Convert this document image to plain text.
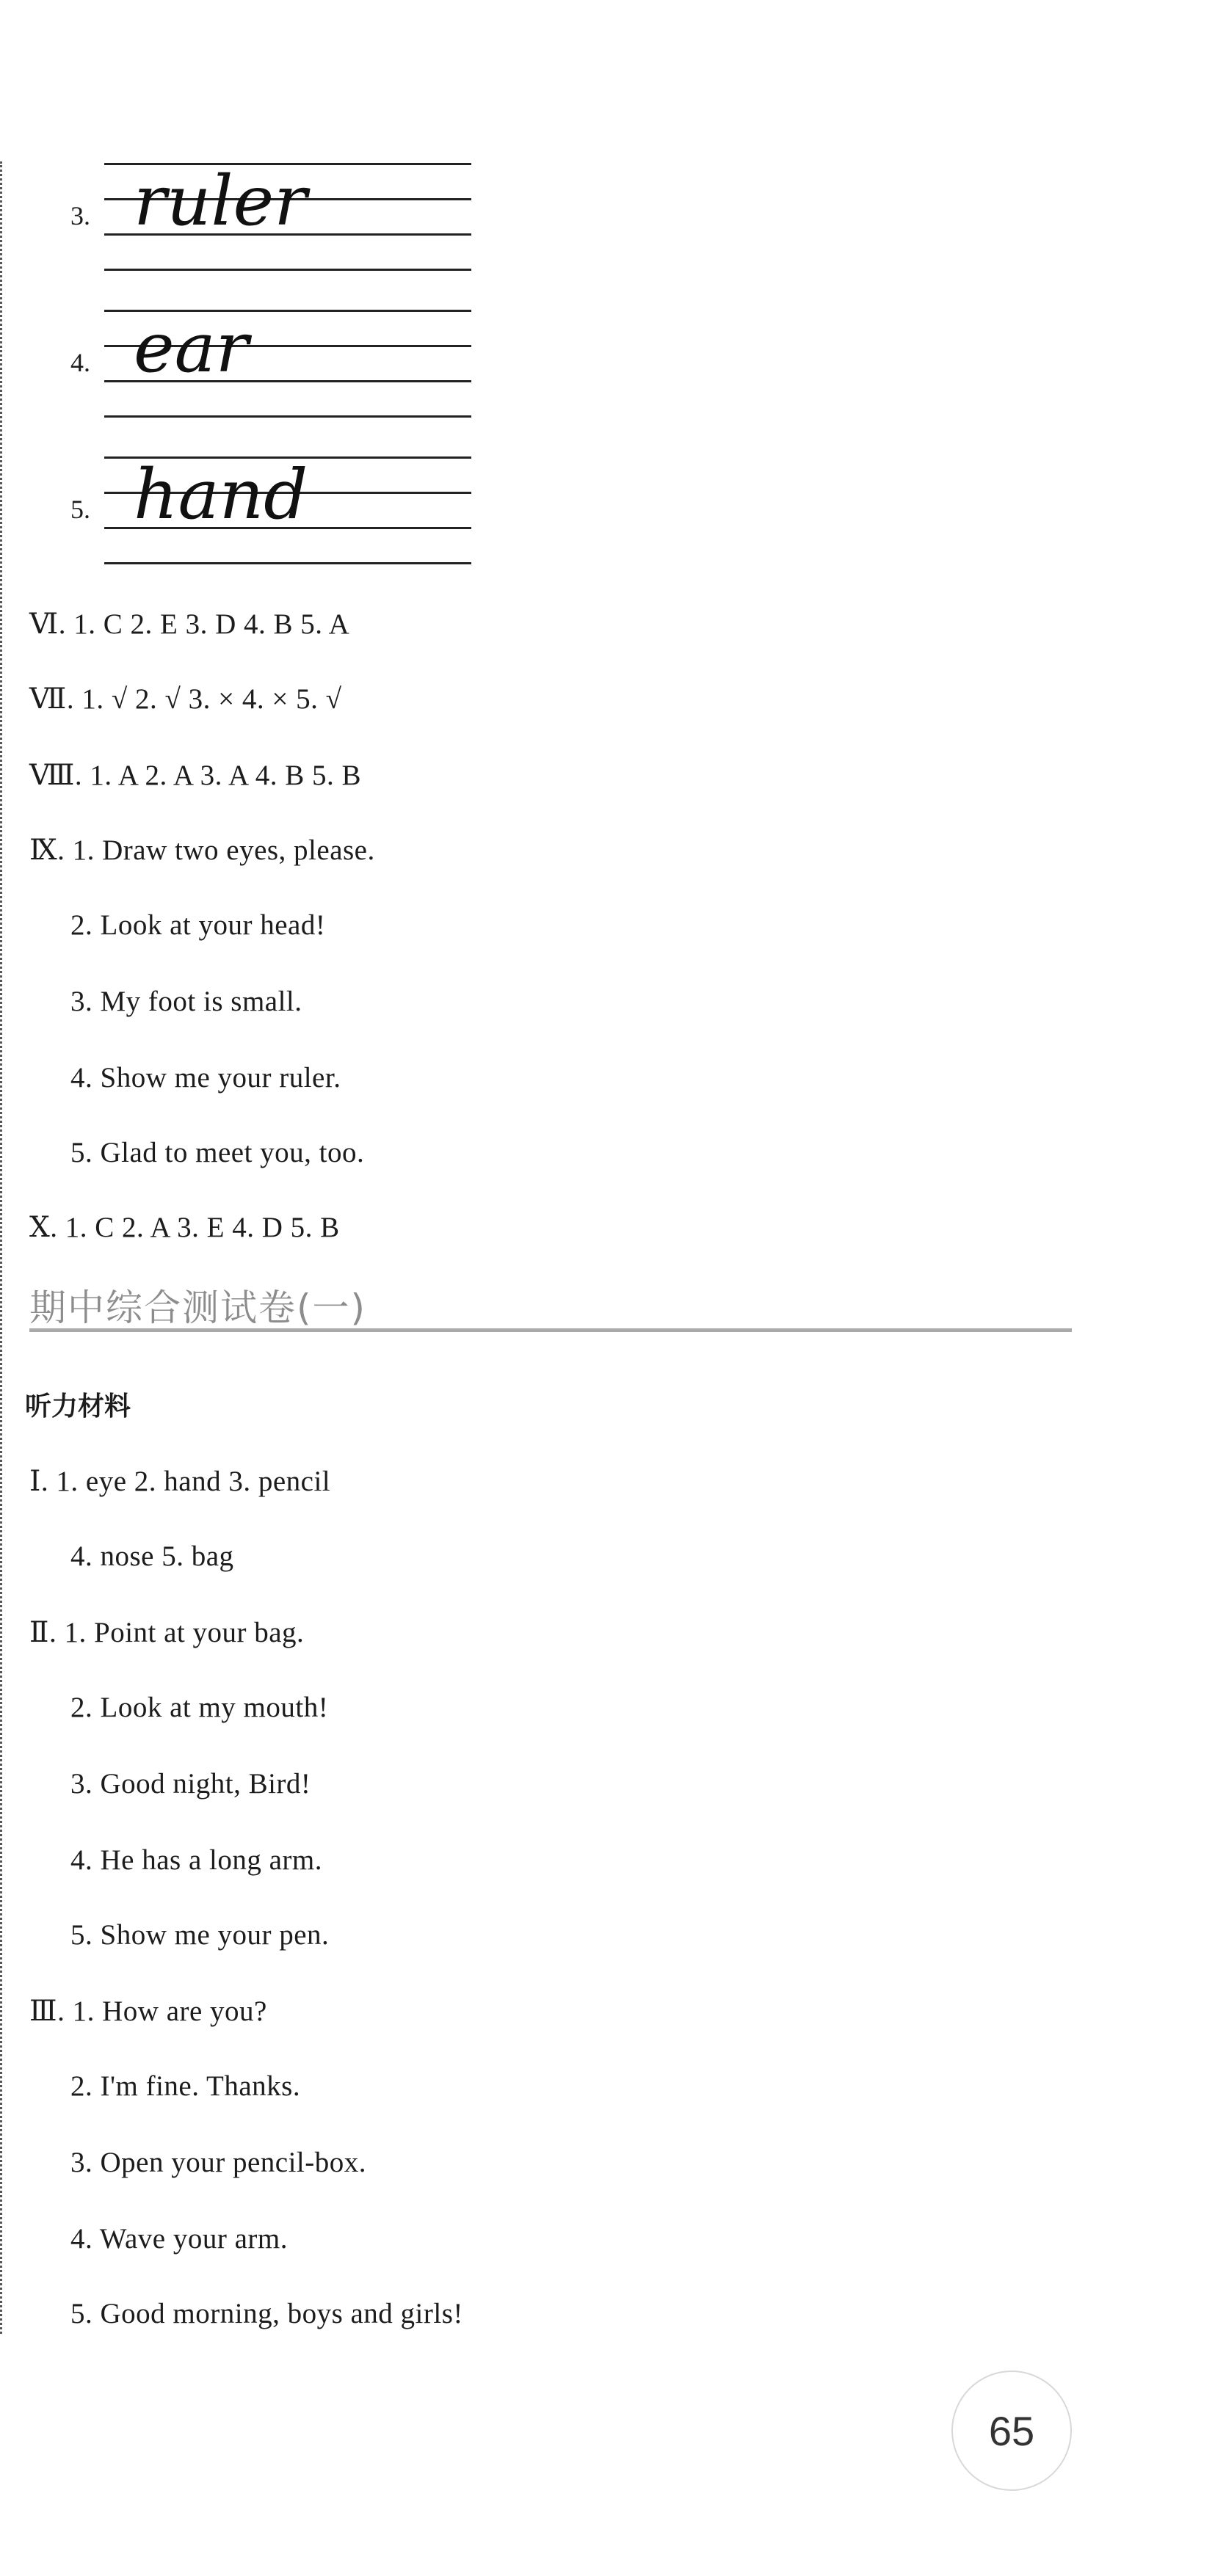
3. ruler
4. ear
5. hand
Ⅵ. 1. C 2. E 3. D 4. B 5. A
Ⅶ. 1. √ 2. √ 3. × 4. × 5. √
Ⅷ. 1. A 2. A 3. A 4. B 5. B
Ⅸ. 1. Draw two eyes, please.
2. Look at your head!
3. My foot is small.
4. Show me your ruler.
5. Glad to meet you, too.
Ⅹ. 1. C 2. A 3. E 4. D 5. B
期中综合测试卷(一)
听力材料
Ⅰ. 1. eye 2. hand 3. pencil
4. nose 5. bag
Ⅱ. 1. Point at your bag.
2. Look at my mouth!
3. Good night, Bird!
4. He has a long arm.
5. Show me your pen.
Ⅲ. 1. How are you?
2. I'm fine. Thanks.
3. Open your pencil-box.
4. Wave your arm.
5. Good morning, boys and girls!
65
